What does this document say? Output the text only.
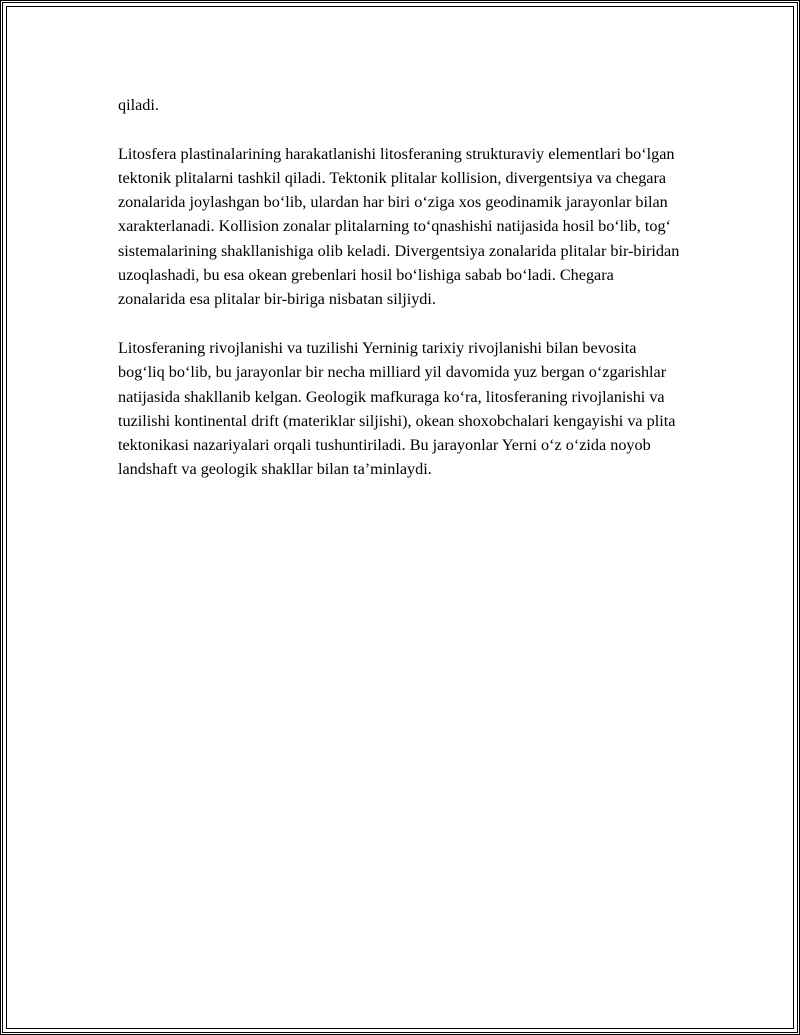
qiladi.

Litosfera plastinalarining harakatlanishi litosferaning strukturaviy elementlari boʻlgan tektonik plitalarni tashkil qiladi. Tektonik plitalar kollision, divergentsiya va chegara zonalarida joylashgan boʻlib, ulardan har biri oʻziga xos geodinamik jarayonlar bilan xarakterlanadi. Kollision zonalar plitalarning toʻqnashishi natijasida hosil boʻlib, togʻ sistemalarining shakllanishiga olib keladi. Divergentsiya zonalarida plitalar bir-biridan uzoqlashadi, bu esa okean grebenlari hosil boʻlishiga sabab boʻladi. Chegara zonalarida esa plitalar bir-biriga nisbatan siljiydi.

Litosferaning rivojlanishi va tuzilishi Yerninig tarixiy rivojlanishi bilan bevosita bogʻliq boʻlib, bu jarayonlar bir necha milliard yil davomida yuz bergan oʻzgarishlar natijasida shakllanib kelgan. Geologik mafkuraga koʻra, litosferaning rivojlanishi va tuzilishi kontinental drift (materiklar siljishi), okean shoxobchalari kengayishi va plita tektonikasi nazariyalari orqali tushuntiriladi. Bu jarayonlar Yerni oʻz oʻzida noyob landshaft va geologik shakllar bilan taʼminlaydi.
